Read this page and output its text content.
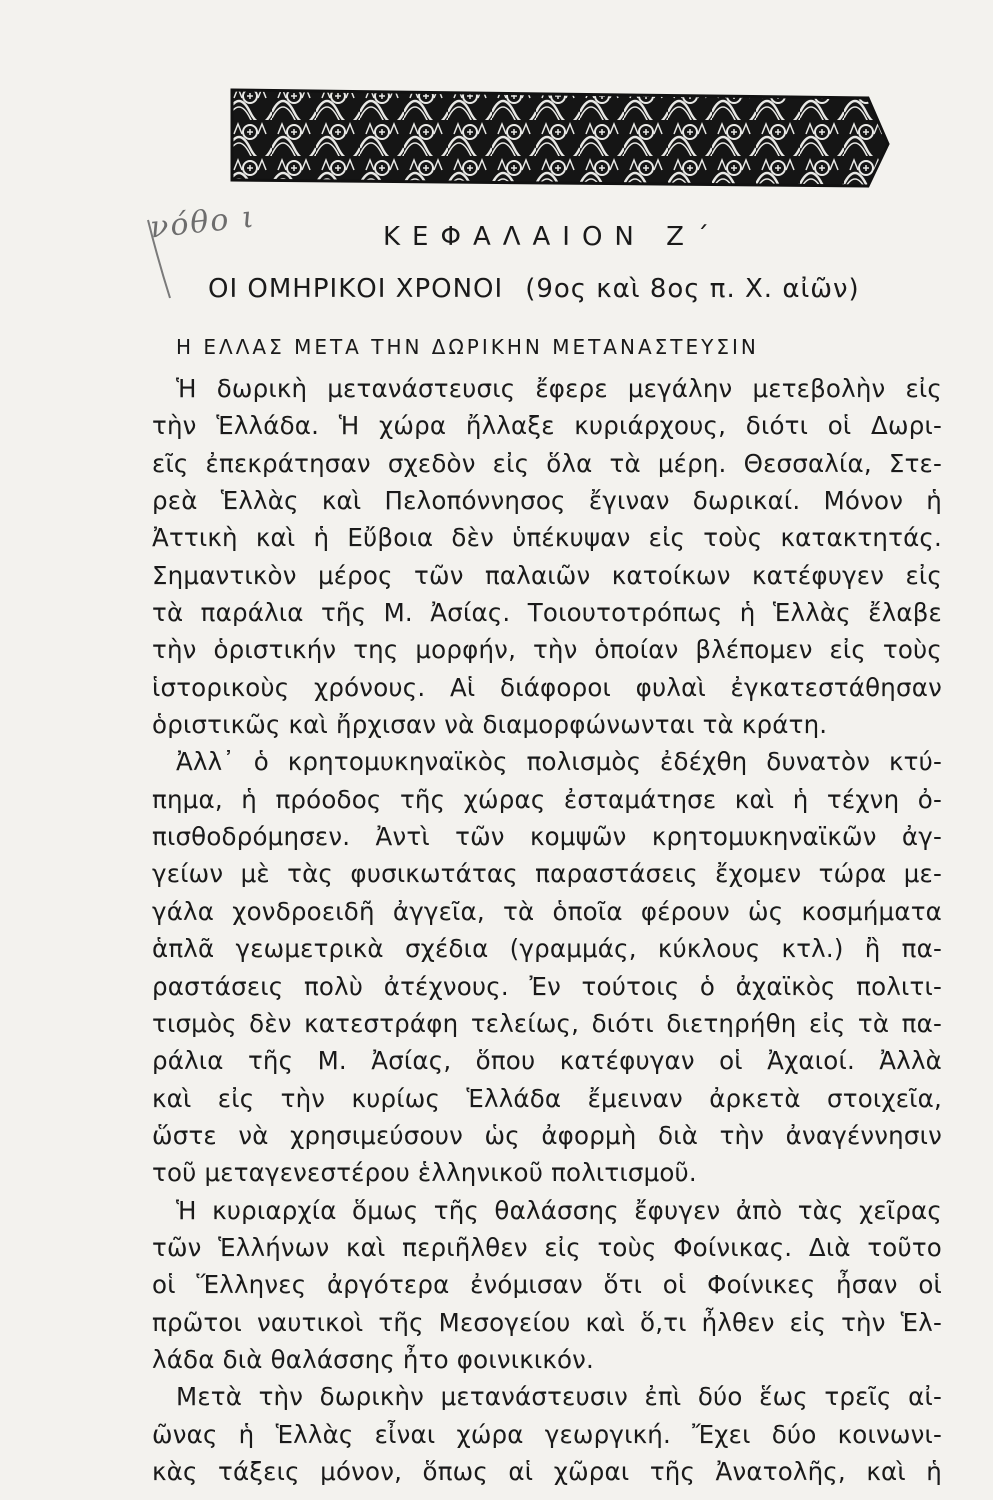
νόθο ι	ΚΕΦΑΛΑΙΟΝ Ζ΄
ΟΙ ΟΜΗΡΙΚΟΙ ΧΡΟΝΟΙ (9ος καὶ 8ος π. Χ. αἰῶν)
Η ΕΛΛΑΣ ΜΕΤΑ ΤΗΝ ΔΩΡΙΚΗΝ ΜΕΤΑΝΑΣΤΕΥΣΙΝ
Ἡ δωρικὴ μετανάστευσις ἔφερε μεγάλην μετεβολὴν εἰς
τὴν Ἑλλάδα. Ἡ χώρα ἤλλαξε κυριάρχους, διότι οἱ Δωρι-
εῖς ἐπεκράτησαν σχεδὸν εἰς ὅλα τὰ μέρη. Θεσσαλία, Στε-
ρεὰ Ἑλλὰς καὶ Πελοπόννησος ἔγιναν δωρικαί. Μόνον ἡ
Ἀττικὴ καὶ ἡ Εὔβοια δὲν ὑπέκυψαν εἰς τοὺς κατακτητάς.
Σημαντικὸν μέρος τῶν παλαιῶν κατοίκων κατέφυγεν εἰς
τὰ παράλια τῆς Μ. Ἀσίας. Τοιουτοτρόπως ἡ Ἑλλὰς ἔλαβε
τὴν ὁριστικήν της μορφήν, τὴν ὁποίαν βλέπομεν εἰς τοὺς
ἱστορικοὺς χρόνους. Αἱ διάφοροι φυλαὶ ἐγκατεστάθησαν
ὁριστικῶς καὶ ἤρχισαν νὰ διαμορφώνωνται τὰ κράτη.
Ἀλλ᾽ ὁ κρητομυκηναϊκὸς πολισμὸς ἐδέχθη δυνατὸν κτύ-
πημα, ἡ πρόοδος τῆς χώρας ἐσταμάτησε καὶ ἡ τέχνη ὀ-
πισθοδρόμησεν. Ἀντὶ τῶν κομψῶν κρητομυκηναϊκῶν ἀγ-
γείων μὲ τὰς φυσικωτάτας παραστάσεις ἔχομεν τώρα με-
γάλα χονδροειδῆ ἀγγεῖα, τὰ ὁποῖα φέρουν ὡς κοσμήματα
ἁπλᾶ γεωμετρικὰ σχέδια (γραμμάς, κύκλους κτλ.) ἢ πα-
ραστάσεις πολὺ ἀτέχνους. Ἐν τούτοις ὁ ἀχαϊκὸς πολιτι-
τισμὸς δὲν κατεστράφη τελείως, διότι διετηρήθη εἰς τὰ πα-
ράλια τῆς Μ. Ἀσίας, ὅπου κατέφυγαν οἱ Ἀχαιοί. Ἀλλὰ
καὶ εἰς τὴν κυρίως Ἑλλάδα ἔμειναν ἀρκετὰ στοιχεῖα,
ὥστε νὰ χρησιμεύσουν ὡς ἀφορμὴ διὰ τὴν ἀναγέννησιν
τοῦ μεταγενεστέρου ἑλληνικοῦ πολιτισμοῦ.
Ἡ κυριαρχία ὅμως τῆς θαλάσσης ἔφυγεν ἀπὸ τὰς χεῖρας
τῶν Ἑλλήνων καὶ περιῆλθεν εἰς τοὺς Φοίνικας. Διὰ τοῦτο
οἱ Ἕλληνες ἀργότερα ἐνόμισαν ὅτι οἱ Φοίνικες ἦσαν οἱ
πρῶτοι ναυτικοὶ τῆς Μεσογείου καὶ ὅ,τι ἦλθεν εἰς τὴν Ἑλ-
λάδα διὰ θαλάσσης ἦτο φοινικικόν.
Μετὰ τὴν δωρικὴν μετανάστευσιν ἐπὶ δύο ἕως τρεῖς αἰ-
ῶνας ἡ Ἑλλὰς εἶναι χώρα γεωργική. Ἔχει δύο κοινωνι-
κὰς τάξεις μόνον, ὅπως αἱ χῶραι τῆς Ἀνατολῆς, καὶ ἡ
